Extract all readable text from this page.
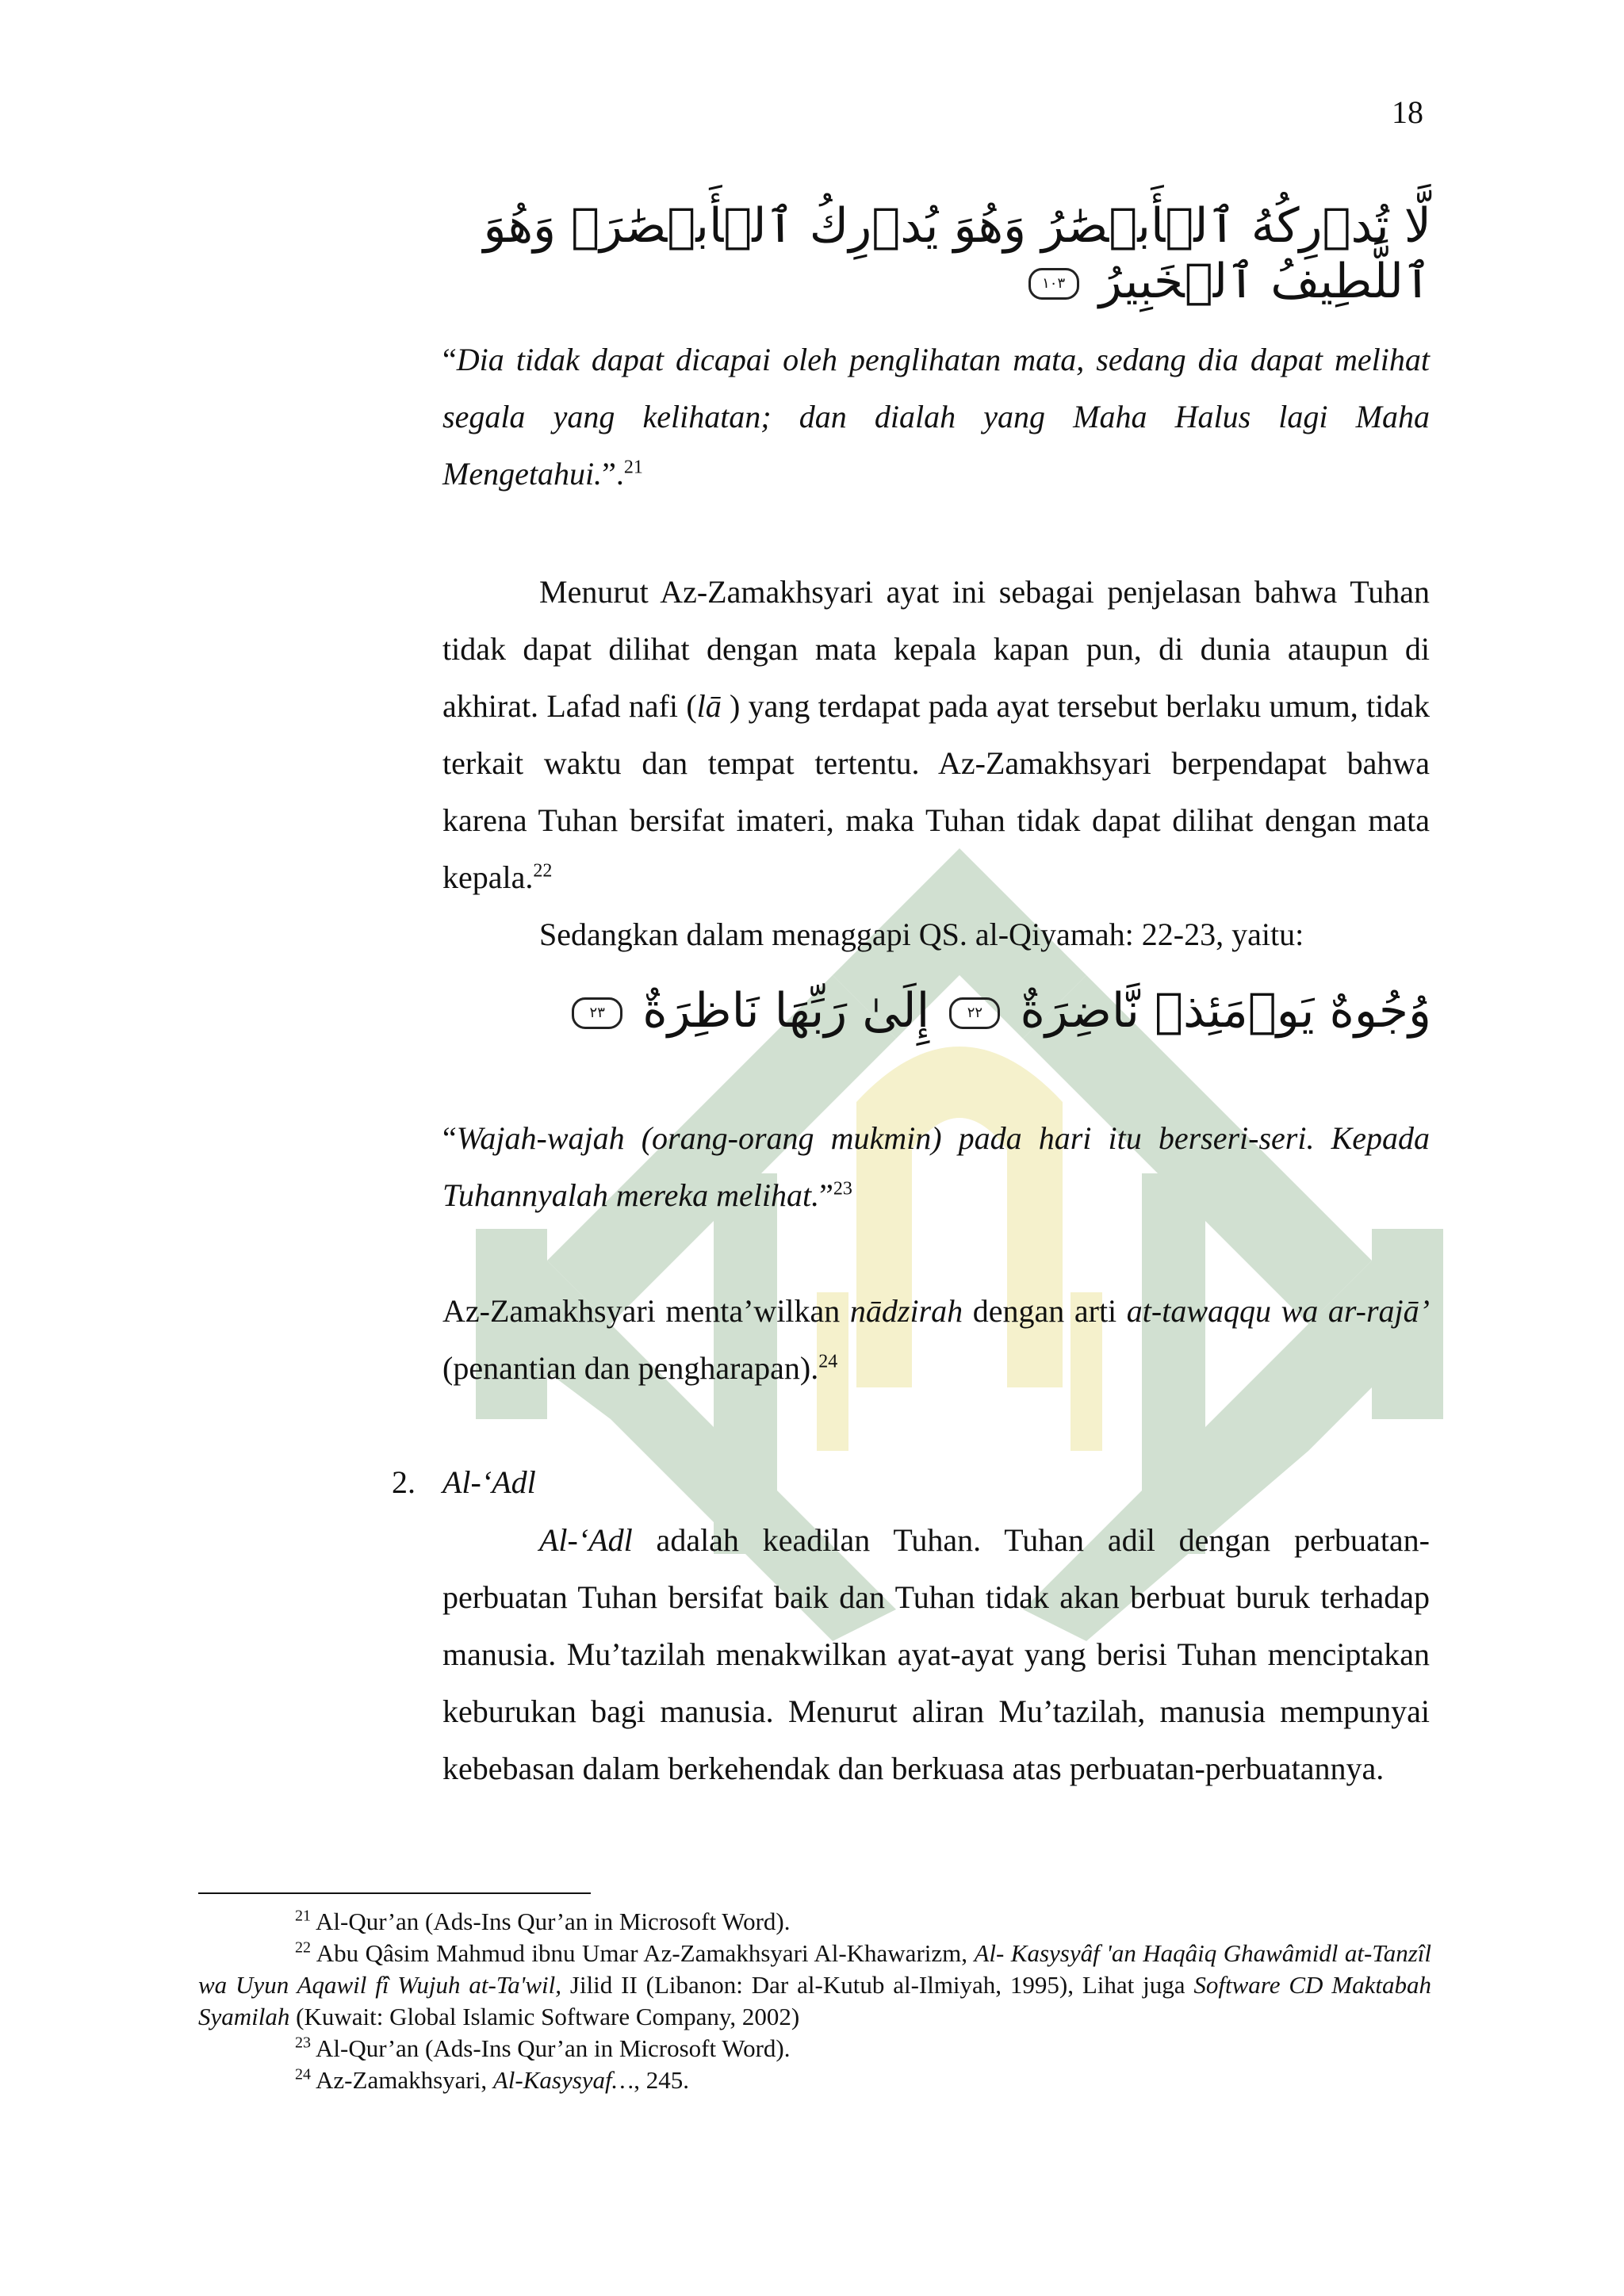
18
لَّا تُدۡرِكُهُ ٱلۡأَبۡصَٰرُ وَهُوَ يُدۡرِكُ ٱلۡأَبۡصَٰرَۖ وَهُوَ ٱللَّطِيفُ ٱلۡخَبِيرُ ١٠٣
“Dia tidak dapat dicapai oleh penglihatan mata, sedang dia dapat melihat segala yang kelihatan; dan dialah yang Maha Halus lagi Maha Mengetahui.”.$^{21}$
Menurut Az-Zamakhsyari ayat ini sebagai penjelasan bahwa Tuhan tidak dapat dilihat dengan mata kepala kapan pun, di dunia ataupun di akhirat. Lafad nafi (lā ) yang terdapat pada ayat tersebut berlaku umum, tidak terkait waktu dan tempat tertentu. Az-Zamakhsyari berpendapat bahwa karena Tuhan bersifat imateri, maka Tuhan tidak dapat dilihat dengan mata kepala.$^{22}$
Sedangkan dalam menaggapi QS. al-Qiyamah: 22-23, yaitu:
وُجُوهٌ يَوۡمَئِذٖ نَّاضِرَةٌ ٢٢ إِلَىٰ رَبِّهَا نَاظِرَةٌ ٢٣
“Wajah-wajah (orang-orang mukmin) pada hari itu berseri-seri. Kepada Tuhannyalah mereka melihat.”$^{23}$
Az-Zamakhsyari menta’wilkan nādzirah dengan arti at-tawaqqu wa ar-rajā’ (penantian dan pengharapan).$^{24}$
2. Al-‘Adl
Al-‘Adl adalah keadilan Tuhan. Tuhan adil dengan perbuatan-perbuatan Tuhan bersifat baik dan Tuhan tidak akan berbuat buruk terhadap manusia. Mu’tazilah menakwilkan ayat-ayat yang berisi Tuhan menciptakan keburukan bagi manusia. Menurut aliran Mu’tazilah, manusia mempunyai kebebasan dalam berkehendak dan berkuasa atas perbuatan-perbuatannya.
$^{21}$ Al-Qur’an (Ads-Ins Qur’an in Microsoft Word).
$^{22}$ Abu Qâsim Mahmud ibnu Umar Az-Zamakhsyari Al-Khawarizm, Al- Kasysyâf 'an Haqâiq Ghawâmidl at-Tanzîl wa Uyun Aqawil fî Wujuh at-Ta'wil, Jilid II (Libanon: Dar al-Kutub al-Ilmiyah, 1995), Lihat juga Software CD Maktabah Syamilah (Kuwait: Global Islamic Software Company, 2002)
$^{23}$ Al-Qur’an (Ads-Ins Qur’an in Microsoft Word).
$^{24}$ Az-Zamakhsyari, Al-Kasysyaf…, 245.
